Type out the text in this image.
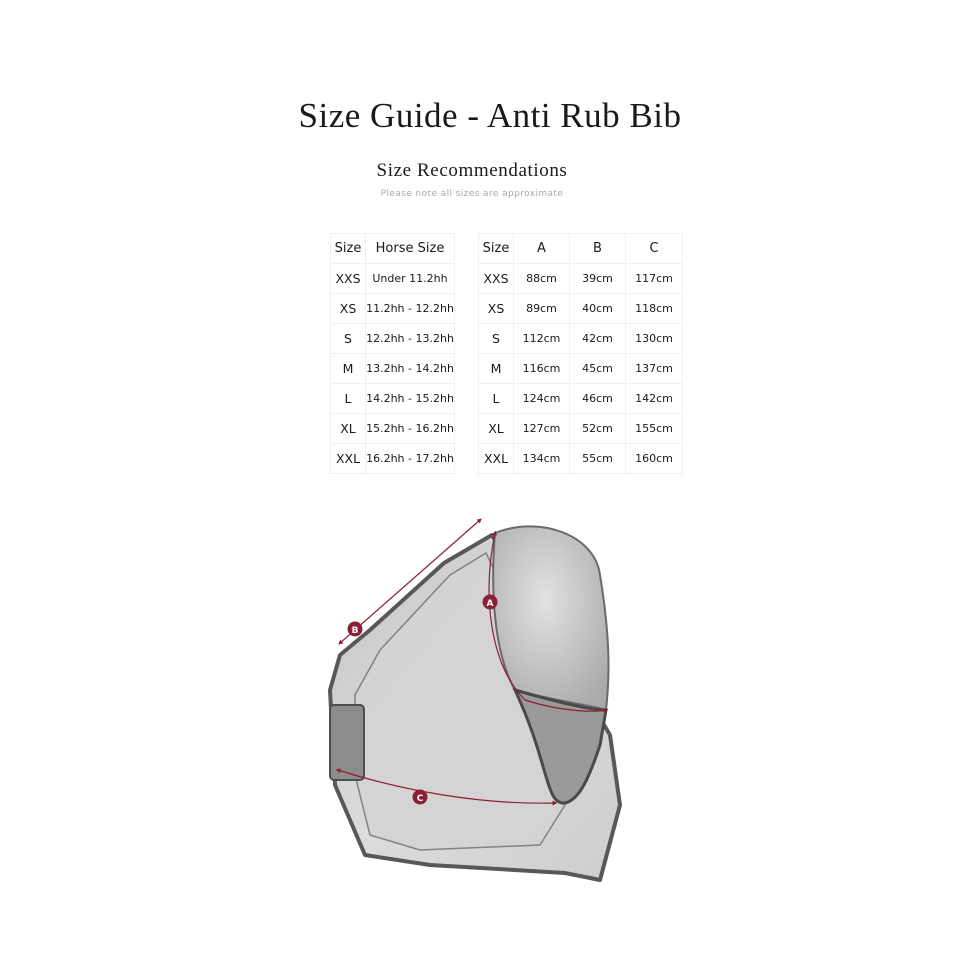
Size Guide - Anti Rub Bib
Size Recommendations
Please note all sizes are approximate
Size	Horse Size
XXS	Under 11.2hh
XS	11.2hh - 12.2hh
S	12.2hh - 13.2hh
M	13.2hh - 14.2hh
L	14.2hh - 15.2hh
XL	15.2hh - 16.2hh
XXL	16.2hh - 17.2hh
Size	A	B	C
XXS	88cm	39cm	117cm
XS	89cm	40cm	118cm
S	112cm	42cm	130cm
M	116cm	45cm	137cm
L	124cm	46cm	142cm
XL	127cm	52cm	155cm
XXL	134cm	55cm	160cm
A
B
C
